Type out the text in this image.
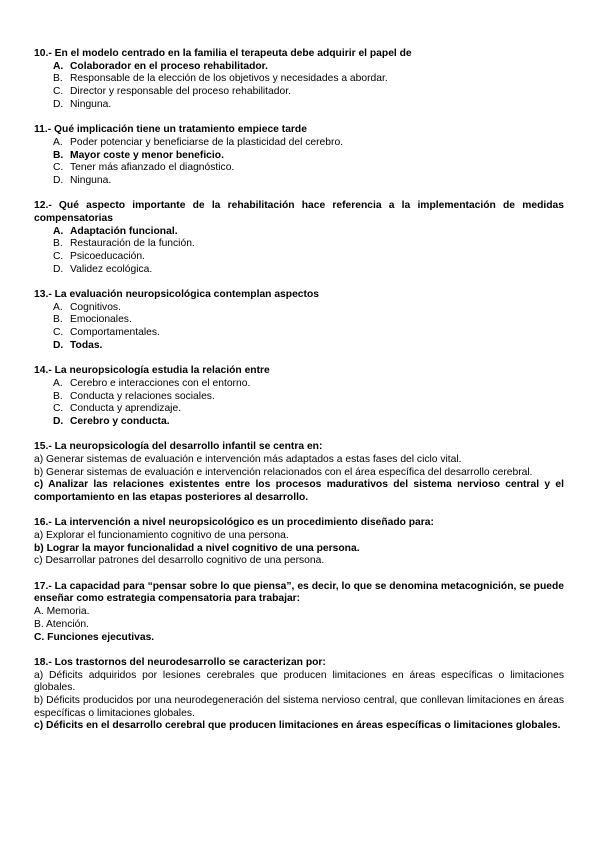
10.- En el modelo centrado en la familia el terapeuta debe adquirir el papel de
A. Colaborador en el proceso rehabilitador.
B. Responsable de la elección de los objetivos y necesidades a abordar.
C. Director y responsable del proceso rehabilitador.
D. Ninguna.
11.- Qué implicación tiene un tratamiento empiece tarde
A. Poder potenciar y beneficiarse de la plasticidad del cerebro.
B. Mayor coste y menor beneficio.
C. Tener más afianzado el diagnóstico.
D. Ninguna.
12.- Qué aspecto importante de la rehabilitación hace referencia a la implementación de medidas compensatorias
A. Adaptación funcional.
B. Restauración de la función.
C. Psicoeducación.
D. Validez ecológica.
13.- La evaluación neuropsicológica contemplan aspectos
A. Cognitivos.
B. Emocionales.
C. Comportamentales.
D. Todas.
14.- La neuropsicología estudia la relación entre
A. Cerebro e interacciones con el entorno.
B. Conducta y relaciones sociales.
C. Conducta y aprendizaje.
D. Cerebro y conducta.
15.- La neuropsicología del desarrollo infantil se centra en:
a) Generar sistemas de evaluación e intervención más adaptados a estas fases del ciclo vital.
b) Generar sistemas de evaluación e intervención relacionados con el área específica del desarrollo cerebral.
c) Analizar las relaciones existentes entre los procesos madurativos del sistema nervioso central y el comportamiento en las etapas posteriores al desarrollo.
16.- La intervención a nivel neuropsicológico es un procedimiento diseñado para:
a) Explorar el funcionamiento cognitivo de una persona.
b) Lograr la mayor funcionalidad a nivel cognitivo de una persona.
c) Desarrollar patrones del desarrollo cognitivo de una persona.
17.- La capacidad para “pensar sobre lo que piensa”, es decir, lo que se denomina metacognición, se puede enseñar como estrategia compensatoria para trabajar:
A. Memoria.
B. Atención.
C. Funciones ejecutivas.
18.- Los trastornos del neurodesarrollo se caracterizan por:
a) Déficits adquiridos por lesiones cerebrales que producen limitaciones en áreas específicas o limitaciones globales.
b) Déficits producidos por una neurodegeneración del sistema nervioso central, que conllevan limitaciones en áreas específicas o limitaciones globales.
c) Déficits en el desarrollo cerebral que producen limitaciones en áreas específicas o limitaciones globales.
